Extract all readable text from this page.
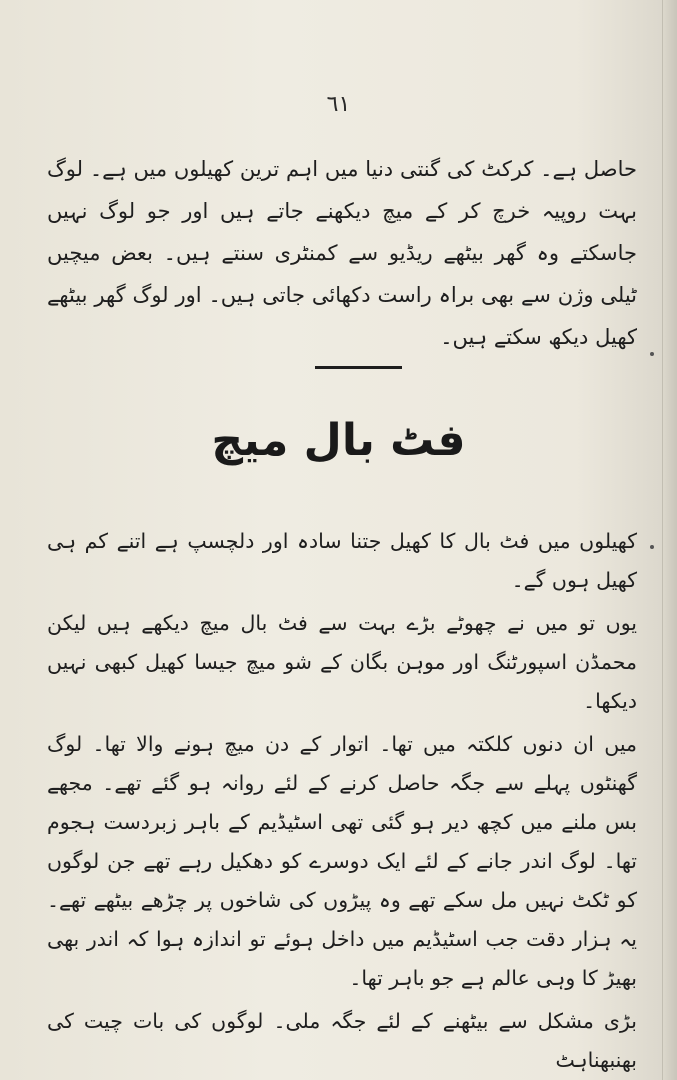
٦١
حاصل ہے۔ کرکٹ کی گنتی دنیا میں اہم ترین کھیلوں میں ہے۔ لوگ بہت روپیہ خرچ کر کے میچ دیکھنے جاتے ہیں اور جو لوگ نہیں جاسکتے وہ گھر بیٹھے ریڈیو سے کمنٹری سنتے ہیں۔ بعض میچیں ٹیلی وژن سے بھی براہ راست دکھائی جاتی ہیں۔ اور لوگ گھر بیٹھے کھیل دیکھ سکتے ہیں۔
فٹ بال میچ

کھیلوں میں فٹ بال کا کھیل جتنا سادہ اور دلچسپ ہے اتنے کم ہی کھیل ہوں گے۔

یوں تو میں نے چھوٹے بڑے بہت سے فٹ بال میچ دیکھے ہیں لیکن محمڈن اسپورٹنگ اور موہن بگان کے شو میچ جیسا کھیل کبھی نہیں دیکھا۔

میں ان دنوں کلکتہ میں تھا۔ اتوار کے دن میچ ہونے والا تھا۔ لوگ گھنٹوں پہلے سے جگہ حاصل کرنے کے لئے روانہ ہو گئے تھے۔ مجھے بس ملنے میں کچھ دیر ہو گئی تھی اسٹیڈیم کے باہر زبردست ہجوم تھا۔ لوگ اندر جانے کے لئے ایک دوسرے کو دھکیل رہے تھے جن لوگوں کو ٹکٹ نہیں مل سکے تھے وہ پیڑوں کی شاخوں پر چڑھے بیٹھے تھے۔ یہ ہزار دقت جب اسٹیڈیم میں داخل ہوئے تو اندازہ ہوا کہ اندر بھی بھیڑ کا وہی عالم ہے جو باہر تھا۔

بڑی مشکل سے بیٹھنے کے لئے جگہ ملی۔ لوگوں کی بات چیت کی بھنبھناہٹ
